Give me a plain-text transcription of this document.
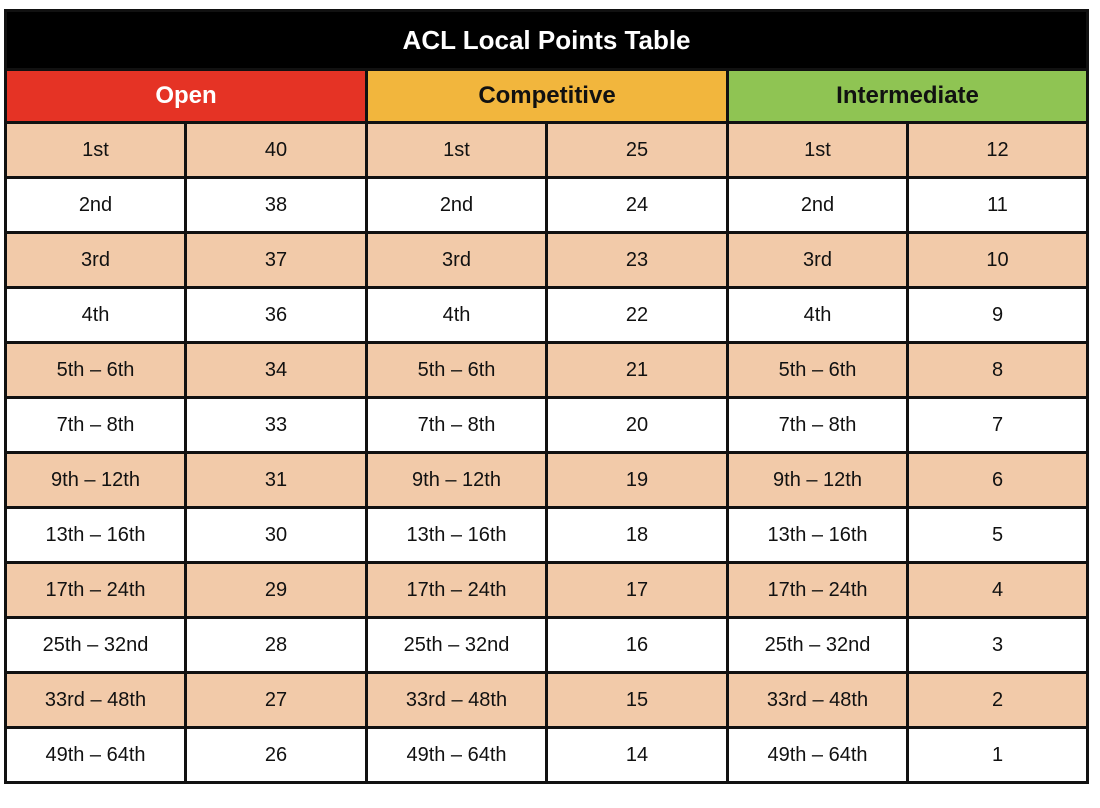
ACL Local Points Table					
Open		Competitive		Intermediate	
1st	40	1st	25	1st	12
2nd	38	2nd	24	2nd	11
3rd	37	3rd	23	3rd	10
4th	36	4th	22	4th	9
5th – 6th	34	5th – 6th	21	5th – 6th	8
7th – 8th	33	7th – 8th	20	7th – 8th	7
9th – 12th	31	9th – 12th	19	9th – 12th	6
13th – 16th	30	13th – 16th	18	13th – 16th	5
17th – 24th	29	17th – 24th	17	17th – 24th	4
25th – 32nd	28	25th – 32nd	16	25th – 32nd	3
33rd – 48th	27	33rd – 48th	15	33rd – 48th	2
49th – 64th	26	49th – 64th	14	49th – 64th	1
